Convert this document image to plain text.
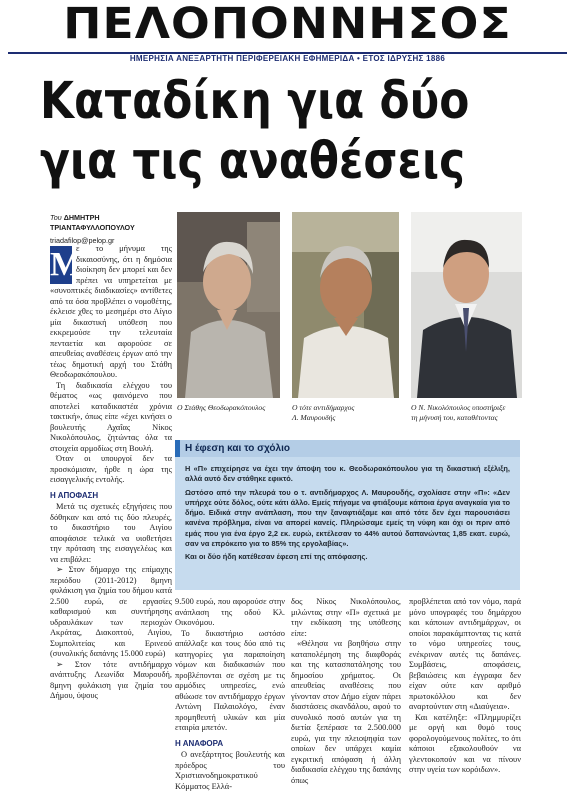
ΠΕΛΟΠΟΝΝΗΣΟΣ
ΗΜΕΡΗΣΙΑ ΑΝΕΞΑΡΤΗΤΗ ΠΕΡΙΦΕΡΕΙΑΚΗ ΕΦΗΜΕΡΙΔΑ • ΕΤΟΣ ΙΔΡΥΣΗΣ 1886
Καταδίκη για δύο
για τις αναθέσεις
Του ΔΗΜΗΤΡΗ
ΤΡΙΑΝΤΑΦΥΛΛΟΠΟΥΛΟΥ
triadafilop@pelop.gr
Μ

ε το μήνυμα της δικαιοσύνης, ότι η δημόσια διοίκηση δεν μπορεί και δεν πρέπει να υπηρετείται με «συνοπτικές διαδικασίες» αντίθετες από τα όσα προβλέπει ο νομοθέτης, έκλεισε χθες το μεσημέρι στο Αίγιο μία δικαστική υπόθεση που εκκρεμούσε την τελευταία πενταετία και αφορούσε σε απευθείας αναθέσεις έργων από την τέως δημοτική αρχή του Στάθη Θεοδωρακόπουλου.

Τη διαδικασία ελέγχου του θέματος «ως φαινόμενο που αποτελεί καταδικαστέα χρόνια τακτική», όπως είπε «έχει κινήσει ο βουλευτής Αχαΐας Νίκος Νικολόπουλος, ζητώντας όλα τα στοιχεία αρμοδίως στη Βουλή.

Όταν οι υπουργοί δεν τα προσκόμισαν, ήρθε η ώρα της εισαγγελικής εντολής.

Η ΑΠΟΦΑΣΗ

Μετά τις σχετικές εξηγήσεις που δόθηκαν και από τις δύο πλευρές, το δικαστήριο του Αιγίου αποφάσισε τελικά να υιοθετήσει την πρόταση της εισαγγελέως και να επιβάλει:

➢ Στον δήμαρχο της επίμαχης περιόδου (2011-2012) 8μηνη φυλάκιση για ζημία του δήμου κατά 2.500 ευρώ, σε εργασίες καθαρισμού και συντήρησης υδραυλάκων των περιοχών Ακράτας, Διακοπτού, Αιγίου, Συμπολιτείας και Ερινεού (συνολικής δαπάνης 15.000 ευρώ)

➢ Στον τότε αντιδήμαρχο ανάπτυξης Λεωνίδα Μαυρουδή, 8μηνη φυλάκιση για ζημία του Δήμου, ύψους

Ο Στάθης Θεοδωρακόπουλος	Ο τότε αντιδήμαρχος
Λ. Μαυρουδής
Ο Ν. Νικολόπουλος υποστήριξε
τη μήνυσή του, καταθέτοντας
Η έφεση και το σχόλιο

Η «Π» επιχείρησε να έχει την άποψη του κ. Θεοδωρακόπουλου για τη δικαστική εξέλιξη, αλλά αυτό δεν στάθηκε εφικτό.

Ωστόσο από την πλευρά του ο τ. αντιδήμαρχος Λ. Μαυρουδής, σχολίασε στην «Π»: «Δεν υπήρχε ούτε δόλος, ούτε κάτι άλλο. Εμείς πήγαμε να φτιάξουμε κάποια έργα αναγκαία για το δήμο. Ειδικά στην ανάπλαση, που την ξαναφτιάξαμε και από τότε δεν έχει παρουσιάσει κανένα πρόβλημα, είναι να απορεί κανείς. Πληρώσαμε εμείς τη νύφη και όχι οι πριν από εμάς που για ένα έργο 2,2 εκ. ευρώ, εκτέλεσαν το 44% αυτού δαπανώντας 1,85 εκατ. ευρώ, σαν να επρόκειτο για το 85% της εργολαβίας».

Και οι δύο ήδη κατέθεσαν έφεση επί της απόφασης.

9.500 ευρώ, που αφορούσε στην ανάπλαση της οδού Κλ. Οικονόμου.

Το δικαστήριο ωστόσο απάλλαξε και τους δύο από τις κατηγορίες για παραποίηση νόμων και διαδικασιών που προβλέπονται σε σχέση με τις αρμόδιες υπηρεσίες, ενώ αθώωσε τον αντιδήμαρχο έργων Αντώνη Παλαιολόγο, έναν προμηθευτή υλικών και μία εταιρία μπετόν.

Η ΑΝΑΦΟΡΑ

Ο ανεξάρτητος βουλευτής και πρόεδρος του Χριστιανοδημοκρατικού Κόμματος Ελλά-

δος Νίκος Νικολόπουλος, μιλώντας στην «Π» σχετικά με την εκδίκαση της υπόθεσης είπε:

«Θέλησα να βοηθήσω στην καταπολέμηση της διαφθοράς και της κατασπατάλησης του δημοσίου χρήματος. Οι απευθείας αναθέσεις που γίνονταν στον Δήμο είχαν πάρει διαστάσεις σκανδάλου, αφού το συνολικό ποσό αυτών για τη διετία ξεπέρασε τα 2.500.000 ευρώ, για την πλειοψηφία των οποίων δεν υπάρχει καμία εγκριτική απόφαση ή άλλη διαδικασία ελέγχου της δαπάνης όπως

προβλέπεται από τον νόμο, παρά μόνο υπογραφές του δημάρχου και κάποιων αντιδημάρχων, οι οποίοι παρακάμπτοντας τις κατά το νόμο υπηρεσίες τους, ενέκριναν αυτές τις δαπάνες. Συμβάσεις, αποφάσεις, βεβαιώσεις και έγγραφα δεν είχαν ούτε καν αριθμό πρωτοκόλλου και δεν αναρτούνταν στη «Διαύγεια».

Και κατέληξε: «Πλημμυρίζει με οργή και θυμό τους φορολογούμενους πολίτες, το ότι κάποιοι εξακολουθούν να γλεντοκοπούν και να πίνουν στην υγεία των κορόιδων».
